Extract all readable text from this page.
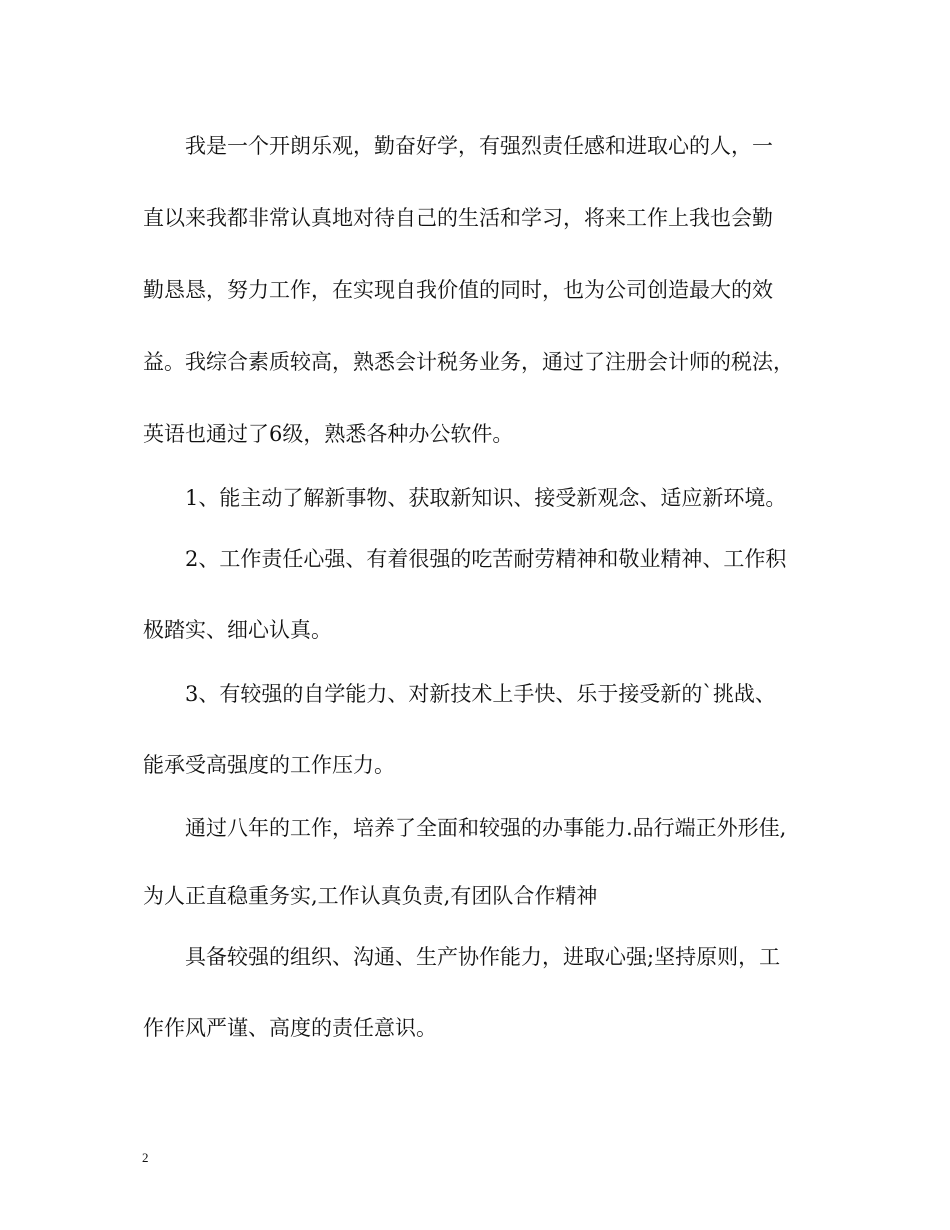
我是一个开朗乐观，勤奋好学，有强烈责任感和进取心的人，一
直以来我都非常认真地对待自己的生活和学习，将来工作上我也会勤
勤恳恳，努力工作，在实现自我价值的同时，也为公司创造最大的效
益。我综合素质较高，熟悉会计税务业务，通过了注册会计师的税法，
英语也通过了6级，熟悉各种办公软件。
1、能主动了解新事物、获取新知识、接受新观念、适应新环境。
2、工作责任心强、有着很强的吃苦耐劳精神和敬业精神、工作积
极踏实、细心认真。
3、有较强的自学能力、对新技术上手快、乐于接受新的`挑战、
能承受高强度的工作压力。
通过八年的工作，培养了全面和较强的办事能力.品行端正外形佳,
为人正直稳重务实,工作认真负责,有团队合作精神
具备较强的组织、沟通、生产协作能力，进取心强;坚持原则，工
作作风严谨、高度的责任意识。
2
